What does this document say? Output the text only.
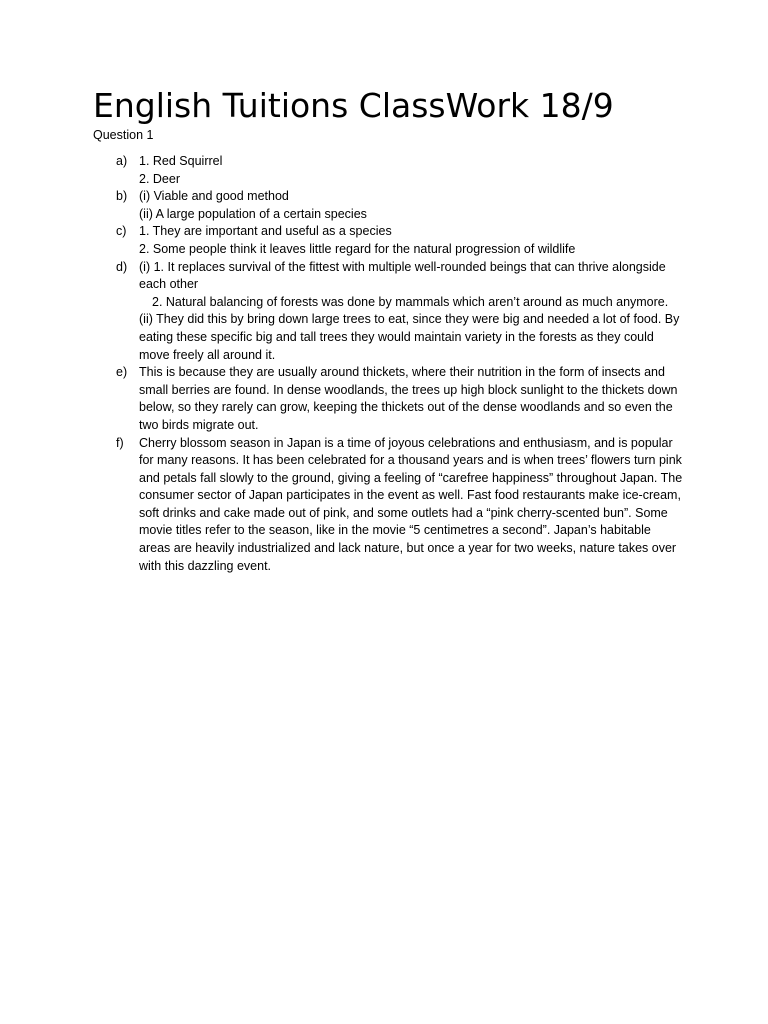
English Tuitions ClassWork 18/9
Question 1
a) 1. Red Squirrel
2. Deer
b) (i) Viable and good method
(ii) A large population of a certain species
c)	1. They are important and useful as a species
2. Some people think it leaves little regard for the natural progression of wildlife
d) (i) 1. It replaces survival of the fittest with multiple well-rounded beings that can thrive alongside each other
2. Natural balancing of forests was done by mammals which aren’t around as much anymore.
(ii) They did this by bring down large trees to eat, since they were big and needed a lot of food. By eating these specific big and tall trees they would maintain variety in the forests as they could move freely all around it.
e) This is because they are usually around thickets, where their nutrition in the form of insects and small berries are found. In dense woodlands, the trees up high block sunlight to the thickets down below, so they rarely can grow, keeping the thickets out of the dense woodlands and so even the two birds migrate out.
f)	Cherry blossom season in Japan is a time of joyous celebrations and enthusiasm, and is popular for many reasons. It has been celebrated for a thousand years and is when trees’ flowers turn pink and petals fall slowly to the ground, giving a feeling of “carefree happiness” throughout Japan. The consumer sector of Japan participates in the event as well. Fast food restaurants make ice-cream, soft drinks and cake made out of pink, and some outlets had a “pink cherry-scented bun”. Some movie titles refer to the season, like in the movie “5 centimetres a second”. Japan’s habitable areas are heavily industrialized and lack nature, but once a year for two weeks, nature takes over with this dazzling event.
